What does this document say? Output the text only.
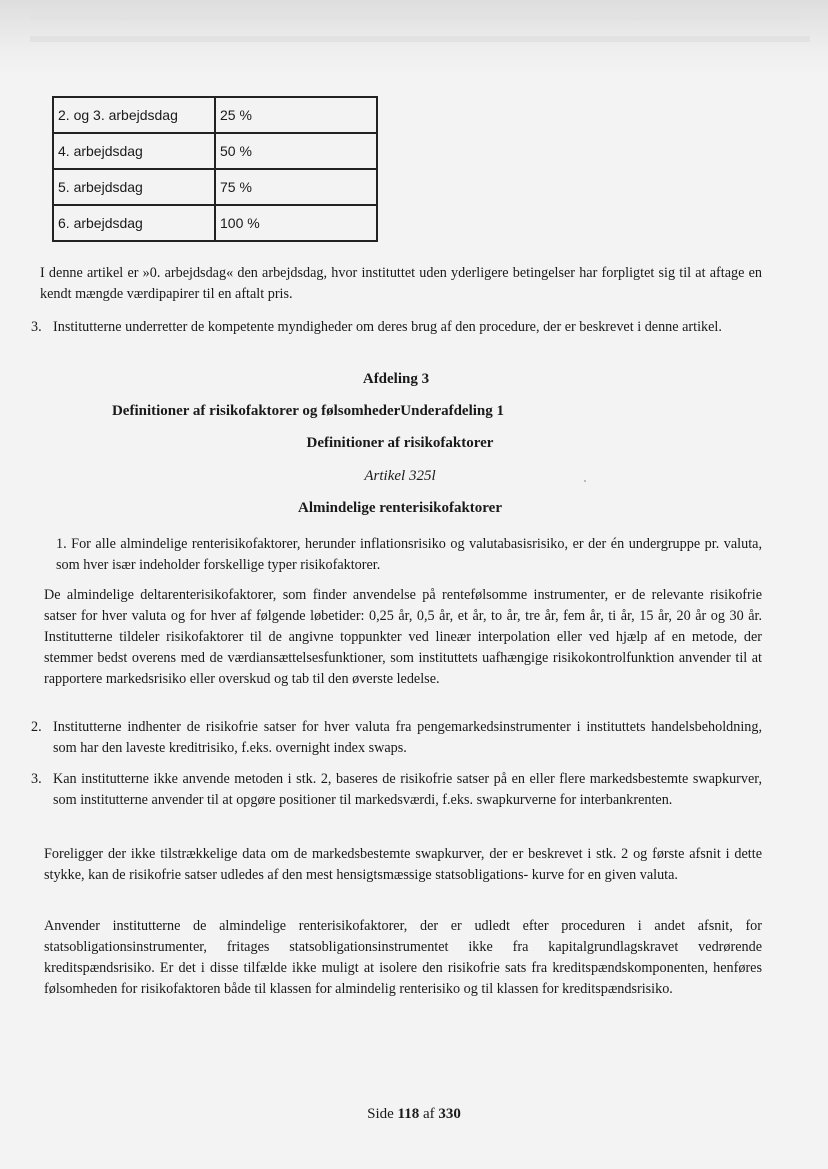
2. og 3. arbejdsdag	25 %
4. arbejdsdag	50 %
5. arbejdsdag	75 %
6. arbejdsdag	100 %
I denne artikel er »0. arbejdsdag« den arbejdsdag, hvor instituttet uden yderligere betingelser har forpligtet sig til at aftage en kendt mængde værdipapirer til en aftalt pris.
3. Institutterne underretter de kompetente myndigheder om deres brug af den procedure, der er beskrevet i denne artikel.
Afdeling 3
Definitioner af risikofaktorer og følsomhederUnderafdeling 1
Definitioner af risikofaktorer
Artikel 325l
Almindelige renterisikofaktorer
1. For alle almindelige renterisikofaktorer, herunder inflationsrisiko og valutabasisrisiko, er der én undergruppe pr. valuta, som hver især indeholder forskellige typer risikofaktorer.
De almindelige deltarenterisikofaktorer, som finder anvendelse på rentefølsomme instrumenter, er de relevante risikofrie satser for hver valuta og for hver af følgende løbetider: 0,25 år, 0,5 år, et år, to år, tre år, fem år, ti år, 15 år, 20 år og 30 år. Institutterne tildeler risikofaktorer til de angivne toppunkter ved lineær interpolation eller ved hjælp af en metode, der stemmer bedst overens med de værdiansættelsesfunktioner, som instituttets uafhængige risikokontrolfunktion anvender til at rapportere markedsrisiko eller overskud og tab til den øverste ledelse.
2. Institutterne indhenter de risikofrie satser for hver valuta fra pengemarkedsinstrumenter i instituttets handelsbeholdning, som har den laveste kreditrisiko, f.eks. overnight index swaps.
3. Kan institutterne ikke anvende metoden i stk. 2, baseres de risikofrie satser på en eller flere markedsbestemte swapkurver, som institutterne anvender til at opgøre positioner til markedsværdi, f.eks. swapkurverne for interbankrenten.
Foreligger der ikke tilstrækkelige data om de markedsbestemte swapkurver, der er beskrevet i stk. 2 og første afsnit i dette stykke, kan de risikofrie satser udledes af den mest hensigtsmæssige statsobligations- kurve for en given valuta.
Anvender institutterne de almindelige renterisikofaktorer, der er udledt efter proceduren i andet afsnit, for statsobligationsinstrumenter, fritages statsobligationsinstrumentet ikke fra kapitalgrundlagskravet vedrørende kreditspændsrisiko. Er det i disse tilfælde ikke muligt at isolere den risikofrie sats fra kreditspændskomponenten, henføres følsomheden for risikofaktoren både til klassen for almindelig renterisiko og til klassen for kreditspændsrisiko.
Side 118 af 330
